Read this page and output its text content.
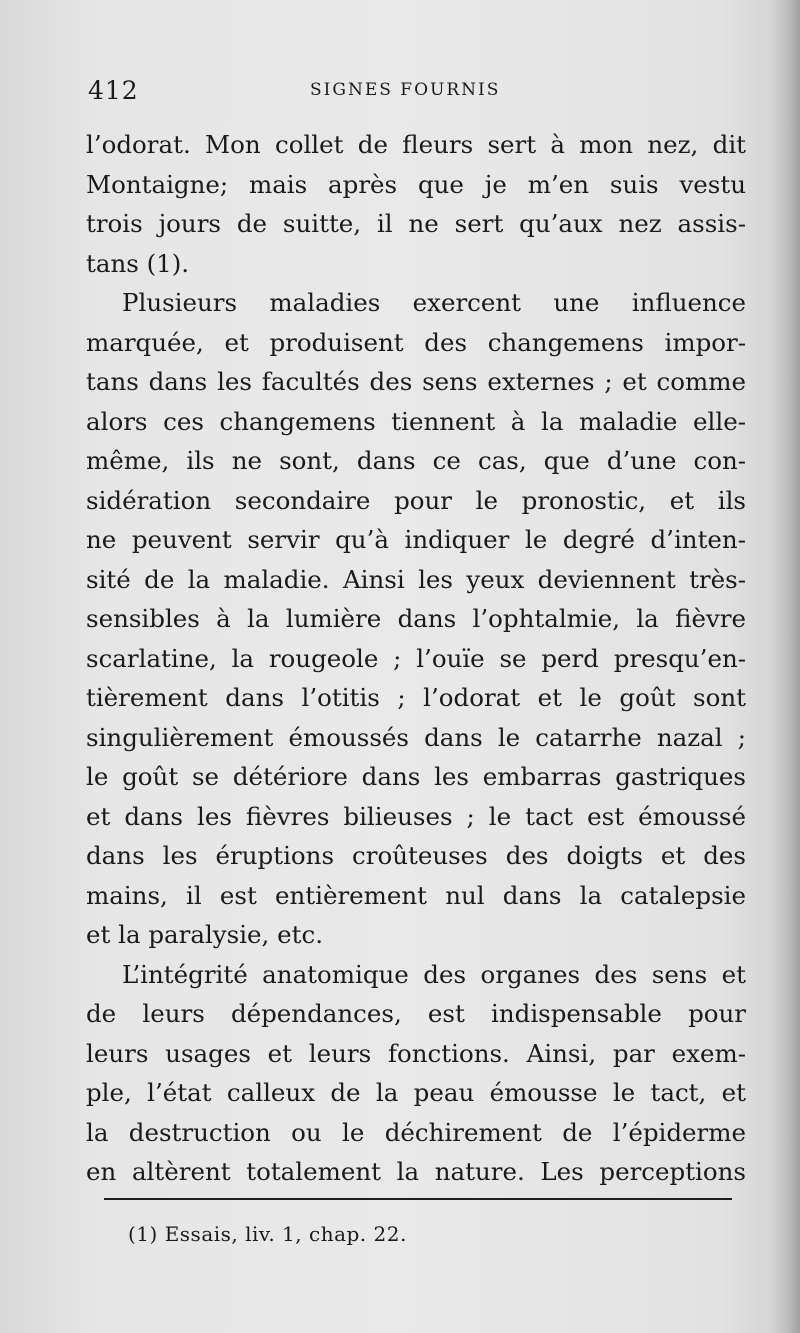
412	SIGNES FOURNIS
l’odorat. Mon collet de fleurs sert à mon nez, dit
Montaigne; mais après que je m’en suis vestu
trois jours de suitte, il ne sert qu’aux nez assis-
tans (1).
Plusieurs maladies exercent une influence
marquée, et produisent des changemens impor-
tans dans les facultés des sens externes ; et comme
alors ces changemens tiennent à la maladie elle-
même, ils ne sont, dans ce cas, que d’une con-
sidération secondaire pour le pronostic, et ils
ne peuvent servir qu’à indiquer le degré d’inten-
sité de la maladie. Ainsi les yeux deviennent très-
sensibles à la lumière dans l’ophtalmie, la fièvre
scarlatine, la rougeole ; l’ouïe se perd presqu’en-
tièrement dans l’otitis ; l’odorat et le goût sont
singulièrement émoussés dans le catarrhe nazal ;
le goût se détériore dans les embarras gastriques
et dans les fièvres bilieuses ; le tact est émoussé
dans les éruptions croûteuses des doigts et des
mains, il est entièrement nul dans la catalepsie
et la paralysie, etc.
L’intégrité anatomique des organes des sens et
de leurs dépendances, est indispensable pour
leurs usages et leurs fonctions. Ainsi, par exem-
ple, l’état calleux de la peau émousse le tact, et
la destruction ou le déchirement de l’épiderme
en altèrent totalement la nature. Les perceptions
(1) Essais, liv. 1, chap. 22.
